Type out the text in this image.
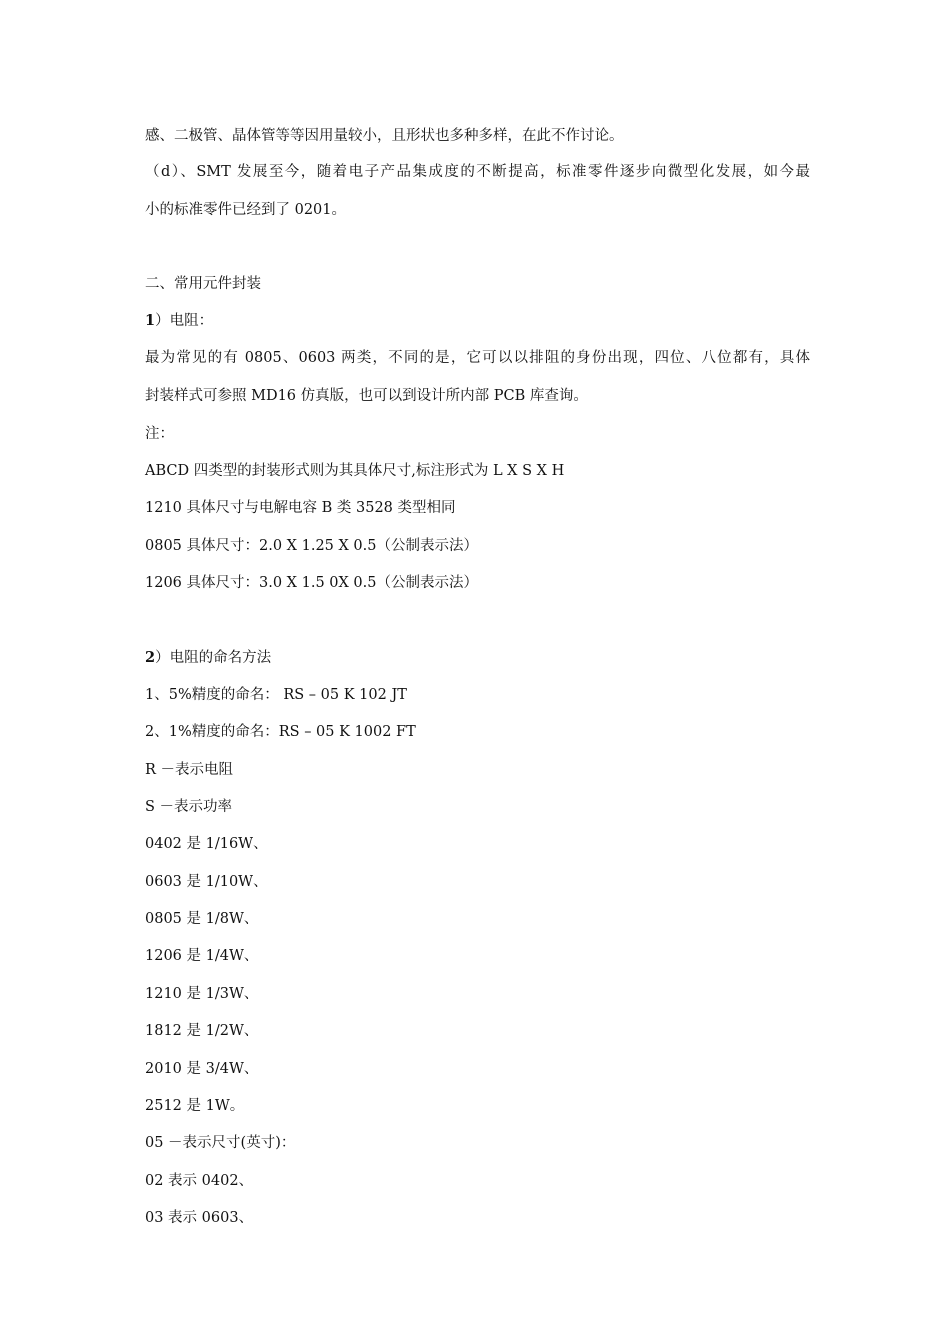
感、二极管、晶体管等等因用量较小，且形状也多种多样，在此不作讨论。
（d）、SMT 发展至今，随着电子产品集成度的不断提高，标准零件逐步向微型化发展，如今最
小的标准零件已经到了 0201。
二、常用元件封装
1）电阻：
最为常见的有 0805、0603 两类，不同的是，它可以以排阻的身份出现，四位、八位都有，具体
封装样式可参照 MD16 仿真版，也可以到设计所内部 PCB 库查询。
注：
ABCD 四类型的封装形式则为其具体尺寸,标注形式为 L X S X H
1210 具体尺寸与电解电容 B 类 3528 类型相同
0805 具体尺寸：2.0 X 1.25 X 0.5（公制表示法）
1206 具体尺寸：3.0 X 1.5 0X 0.5（公制表示法）
2）电阻的命名方法
1、5%精度的命名： RS – 05 K 102 JT
2、1%精度的命名：RS – 05 K 1002 FT
R －表示电阻
S －表示功率
0402 是 1/16W、
0603 是 1/10W、
0805 是 1/8W、
1206 是 1/4W、
1210 是 1/3W、
1812 是 1/2W、
2010 是 3/4W、
2512 是 1W。
05 －表示尺寸(英寸)：
02 表示 0402、
03 表示 0603、
